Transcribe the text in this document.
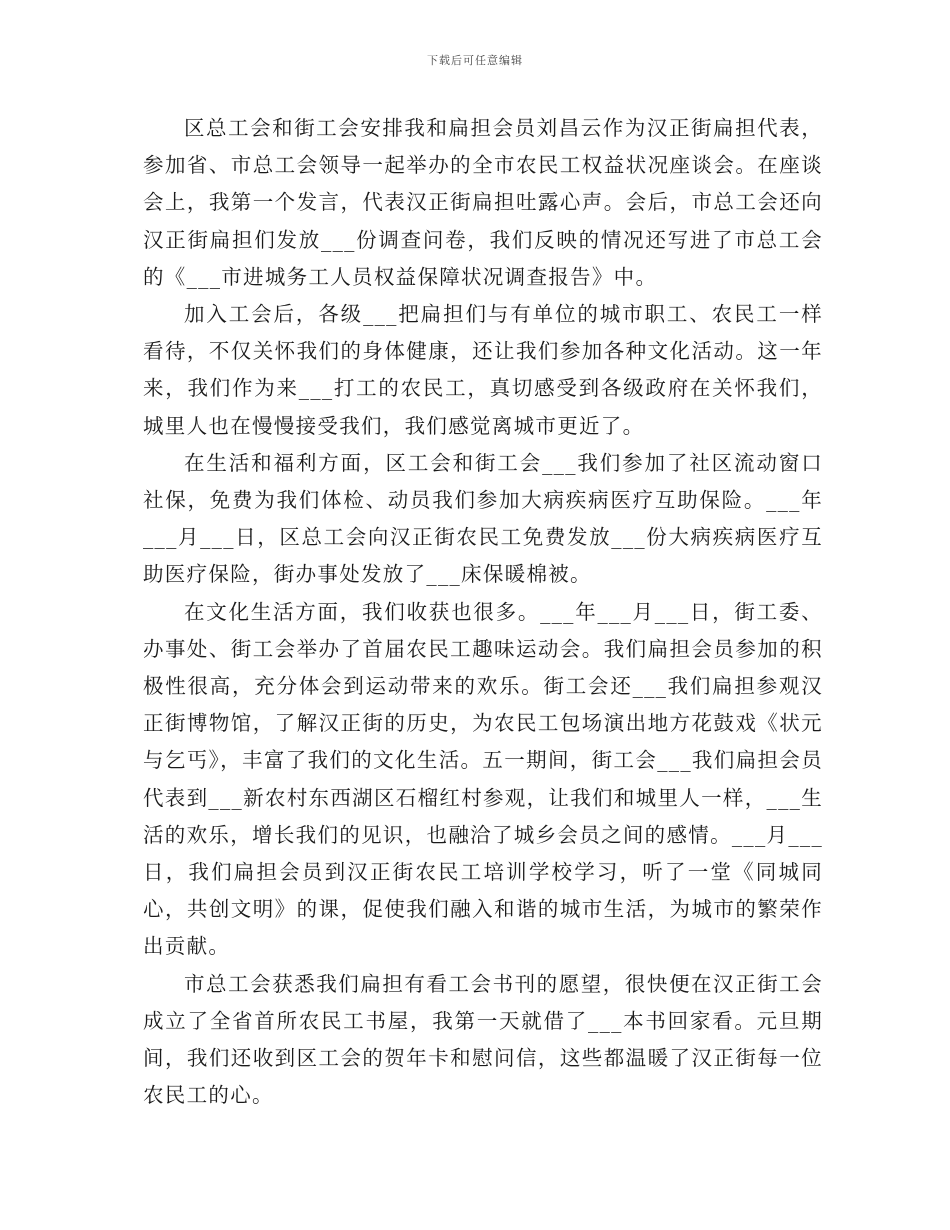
下载后可任意编辑

区总工会和街工会安排我和扁担会员刘昌云作为汉正街扁担代表，参加省、市总工会领导一起举办的全市农民工权益状况座谈会。在座谈会上，我第一个发言，代表汉正街扁担吐露心声。会后，市总工会还向汉正街扁担们发放___份调查问卷，我们反映的情况还写进了市总工会的《___市进城务工人员权益保障状况调查报告》中。

加入工会后，各级___把扁担们与有单位的城市职工、农民工一样看待，不仅关怀我们的身体健康，还让我们参加各种文化活动。这一年来，我们作为来___打工的农民工，真切感受到各级政府在关怀我们，城里人也在慢慢接受我们，我们感觉离城市更近了。

在生活和福利方面，区工会和街工会___我们参加了社区流动窗口社保，免费为我们体检、动员我们参加大病疾病医疗互助保险。___年___月___日，区总工会向汉正街农民工免费发放___份大病疾病医疗互助医疗保险，街办事处发放了___床保暖棉被。

在文化生活方面，我们收获也很多。___年___月___日，街工委、办事处、街工会举办了首届农民工趣味运动会。我们扁担会员参加的积极性很高，充分体会到运动带来的欢乐。街工会还___我们扁担参观汉正街博物馆，了解汉正街的历史，为农民工包场演出地方花鼓戏《状元与乞丐》，丰富了我们的文化生活。五一期间，街工会___我们扁担会员代表到___新农村东西湖区石榴红村参观，让我们和城里人一样，___生活的欢乐，增长我们的见识，也融洽了城乡会员之间的感情。___月___日，我们扁担会员到汉正街农民工培训学校学习，听了一堂《同城同心，共创文明》的课，促使我们融入和谐的城市生活，为城市的繁荣作出贡献。

市总工会获悉我们扁担有看工会书刊的愿望，很快便在汉正街工会成立了全省首所农民工书屋，我第一天就借了___本书回家看。元旦期间，我们还收到区工会的贺年卡和慰问信，这些都温暖了汉正街每一位农民工的心。
